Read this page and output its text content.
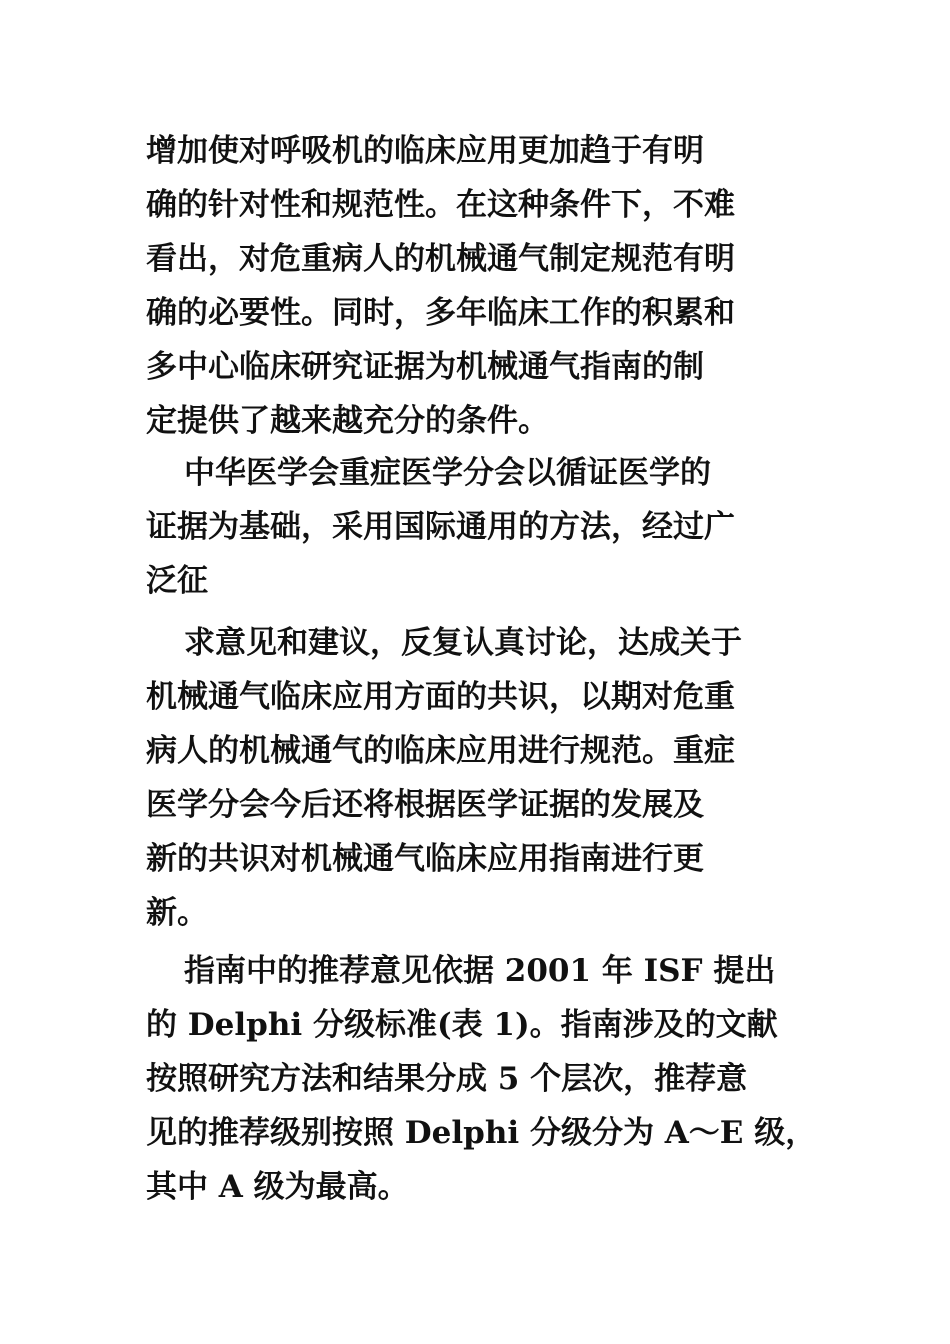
增加使对呼吸机的临床应用更加趋于有明
确的针对性和规范性。在这种条件下，不难
看出，对危重病人的机械通气制定规范有明
确的必要性。同时，多年临床工作的积累和
多中心临床研究证据为机械通气指南的制
定提供了越来越充分的条件。
中华医学会重症医学分会以循证医学的
证据为基础，采用国际通用的方法，经过广
泛征
求意见和建议，反复认真讨论，达成关于
机械通气临床应用方面的共识，以期对危重
病人的机械通气的临床应用进行规范。重症
医学分会今后还将根据医学证据的发展及
新的共识对机械通气临床应用指南进行更
新。
指南中的推荐意见依据 2001 年 ISF 提出
的 Delphi 分级标准(表 1)。指南涉及的文献
按照研究方法和结果分成 5 个层次，推荐意
见的推荐级别按照 Delphi 分级分为 A～E 级，
其中 A 级为最高。
